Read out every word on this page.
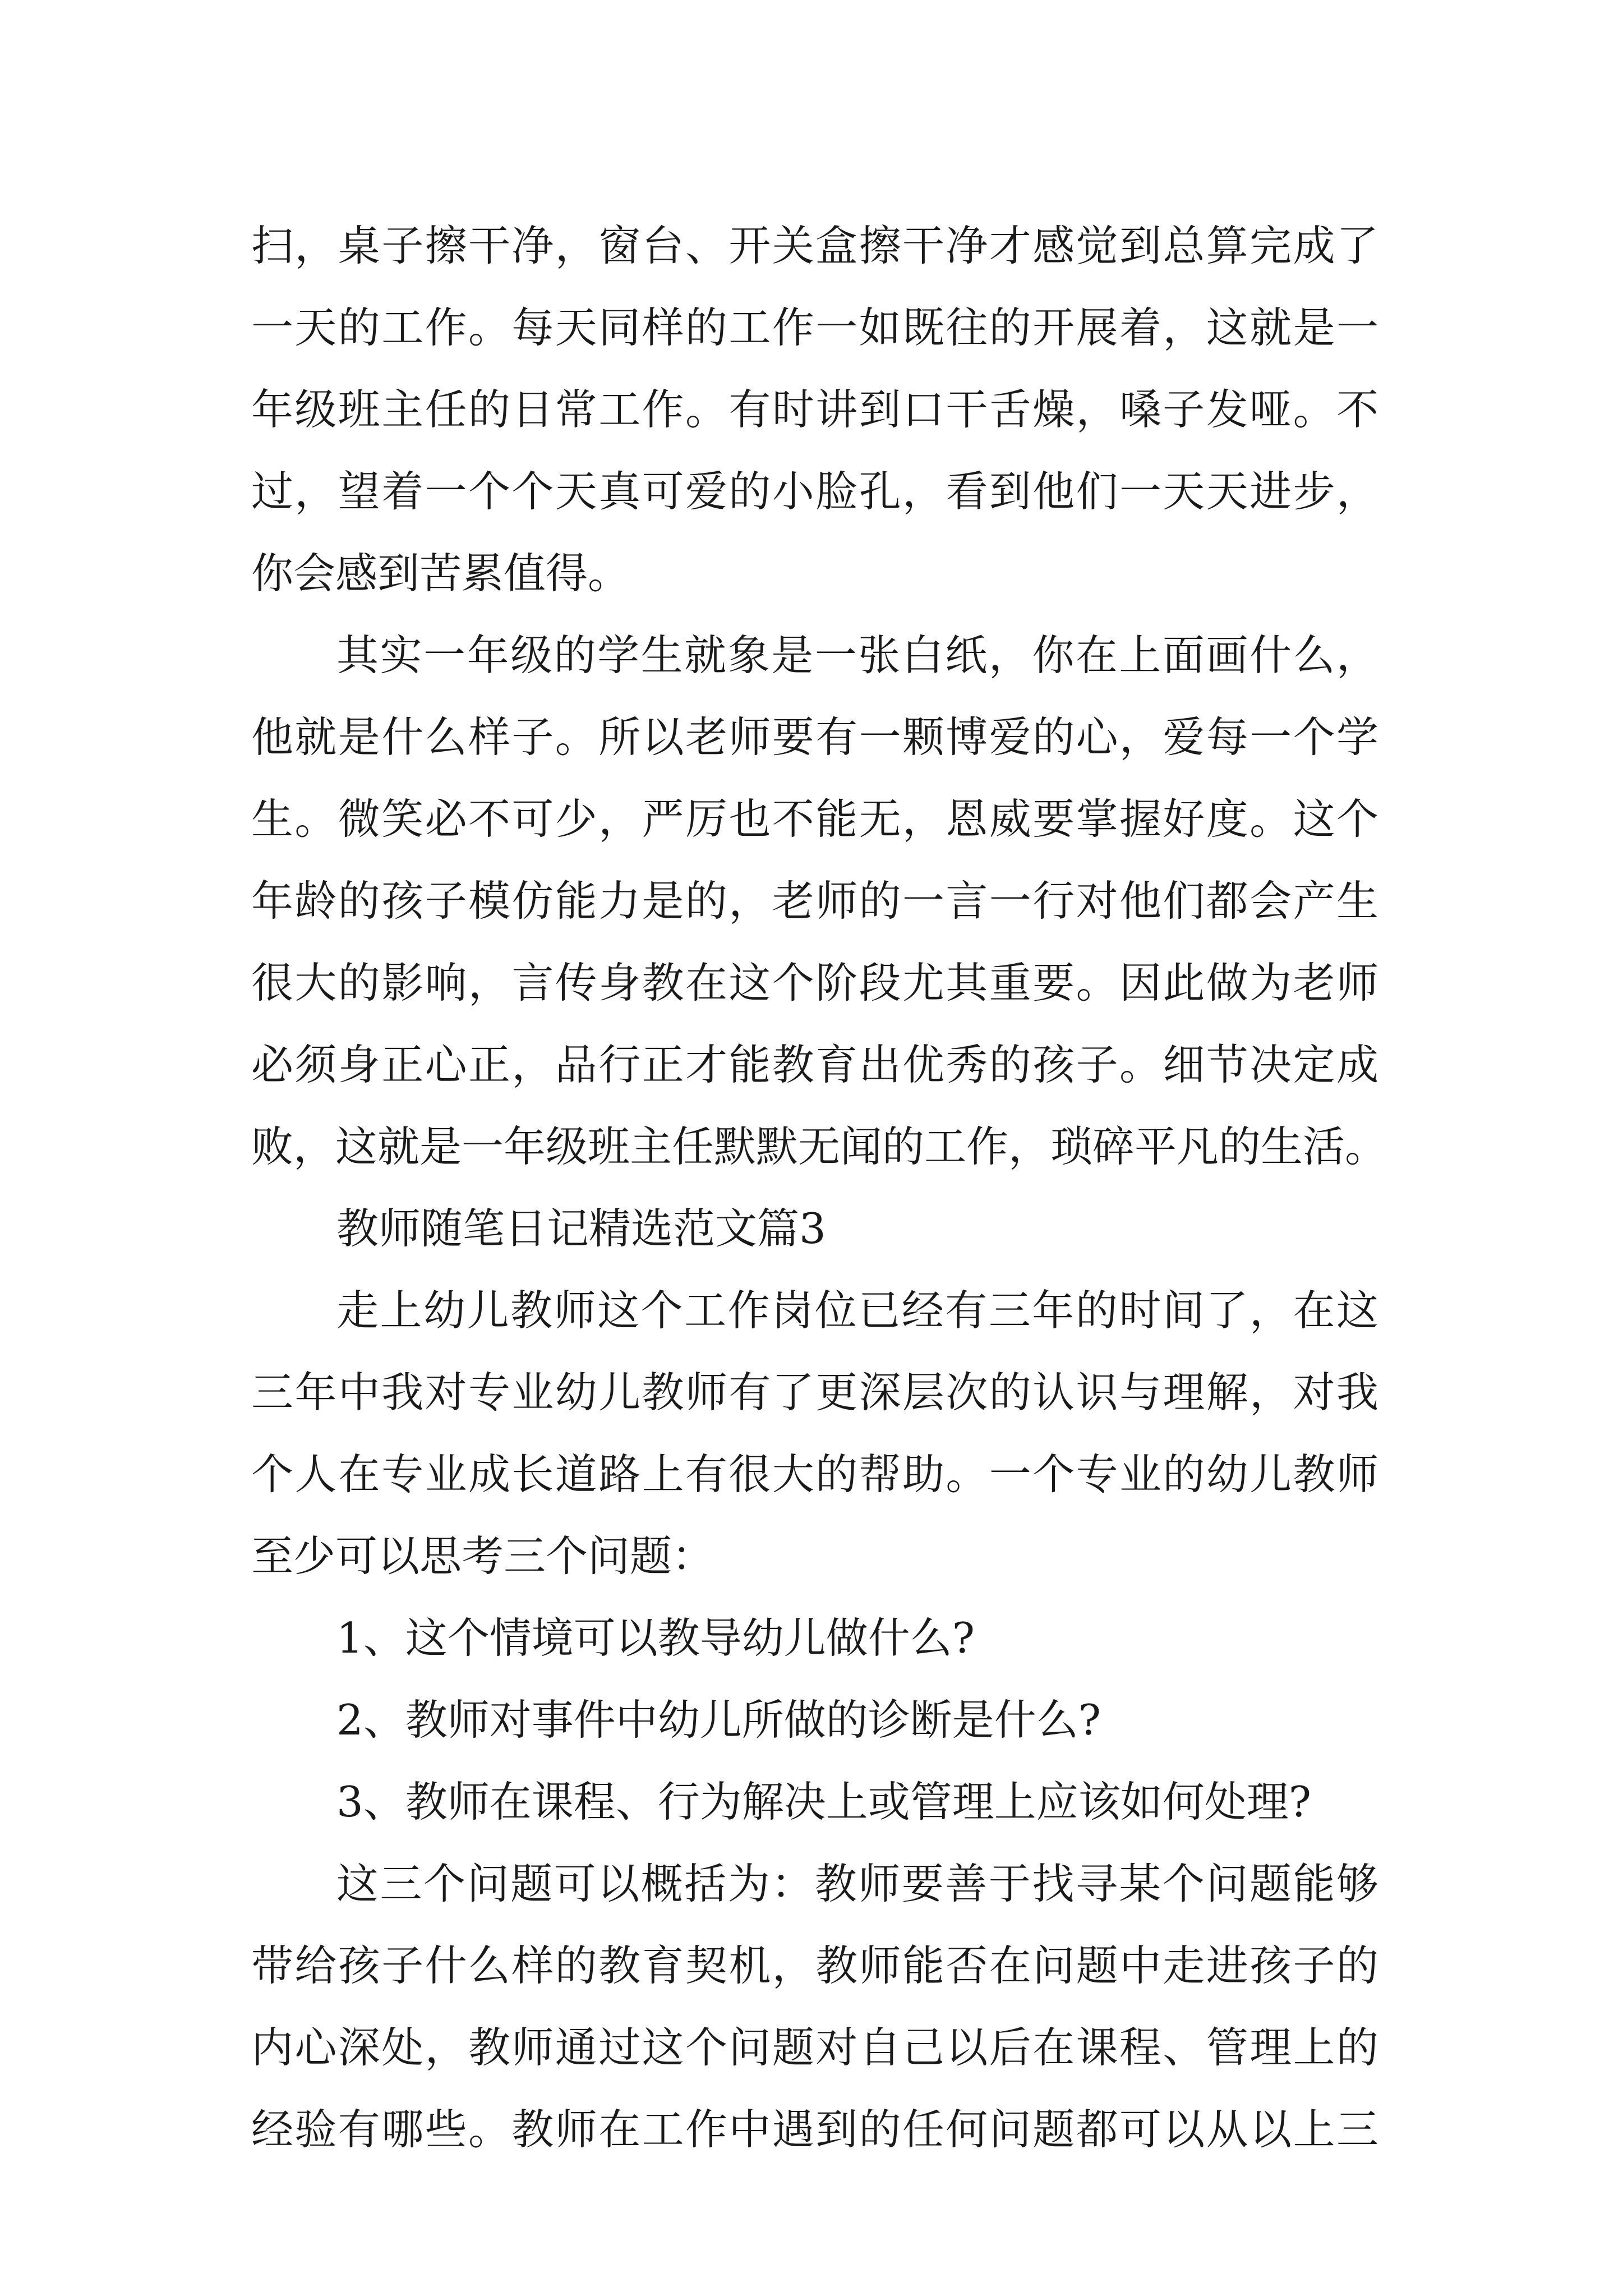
扫，桌子擦干净，窗台、开关盒擦干净才感觉到总算完成了
一天的工作。每天同样的工作一如既往的开展着，这就是一
年级班主任的日常工作。有时讲到口干舌燥，嗓子发哑。不
过，望着一个个天真可爱的小脸孔，看到他们一天天进步，
你会感到苦累值得。
其实一年级的学生就象是一张白纸，你在上面画什么，
他就是什么样子。所以老师要有一颗博爱的心，爱每一个学
生。微笑必不可少，严厉也不能无，恩威要掌握好度。这个
年龄的孩子模仿能力是的，老师的一言一行对他们都会产生
很大的影响，言传身教在这个阶段尤其重要。因此做为老师
必须身正心正，品行正才能教育出优秀的孩子。细节决定成
败，这就是一年级班主任默默无闻的工作，琐碎平凡的生活。
教师随笔日记精选范文篇3
走上幼儿教师这个工作岗位已经有三年的时间了，在这
三年中我对专业幼儿教师有了更深层次的认识与理解，对我
个人在专业成长道路上有很大的帮助。一个专业的幼儿教师
至少可以思考三个问题：
1、这个情境可以教导幼儿做什么?
2、教师对事件中幼儿所做的诊断是什么?
3、教师在课程、行为解决上或管理上应该如何处理?
这三个问题可以概括为：教师要善于找寻某个问题能够
带给孩子什么样的教育契机，教师能否在问题中走进孩子的
内心深处，教师通过这个问题对自己以后在课程、管理上的
经验有哪些。教师在工作中遇到的任何问题都可以从以上三
